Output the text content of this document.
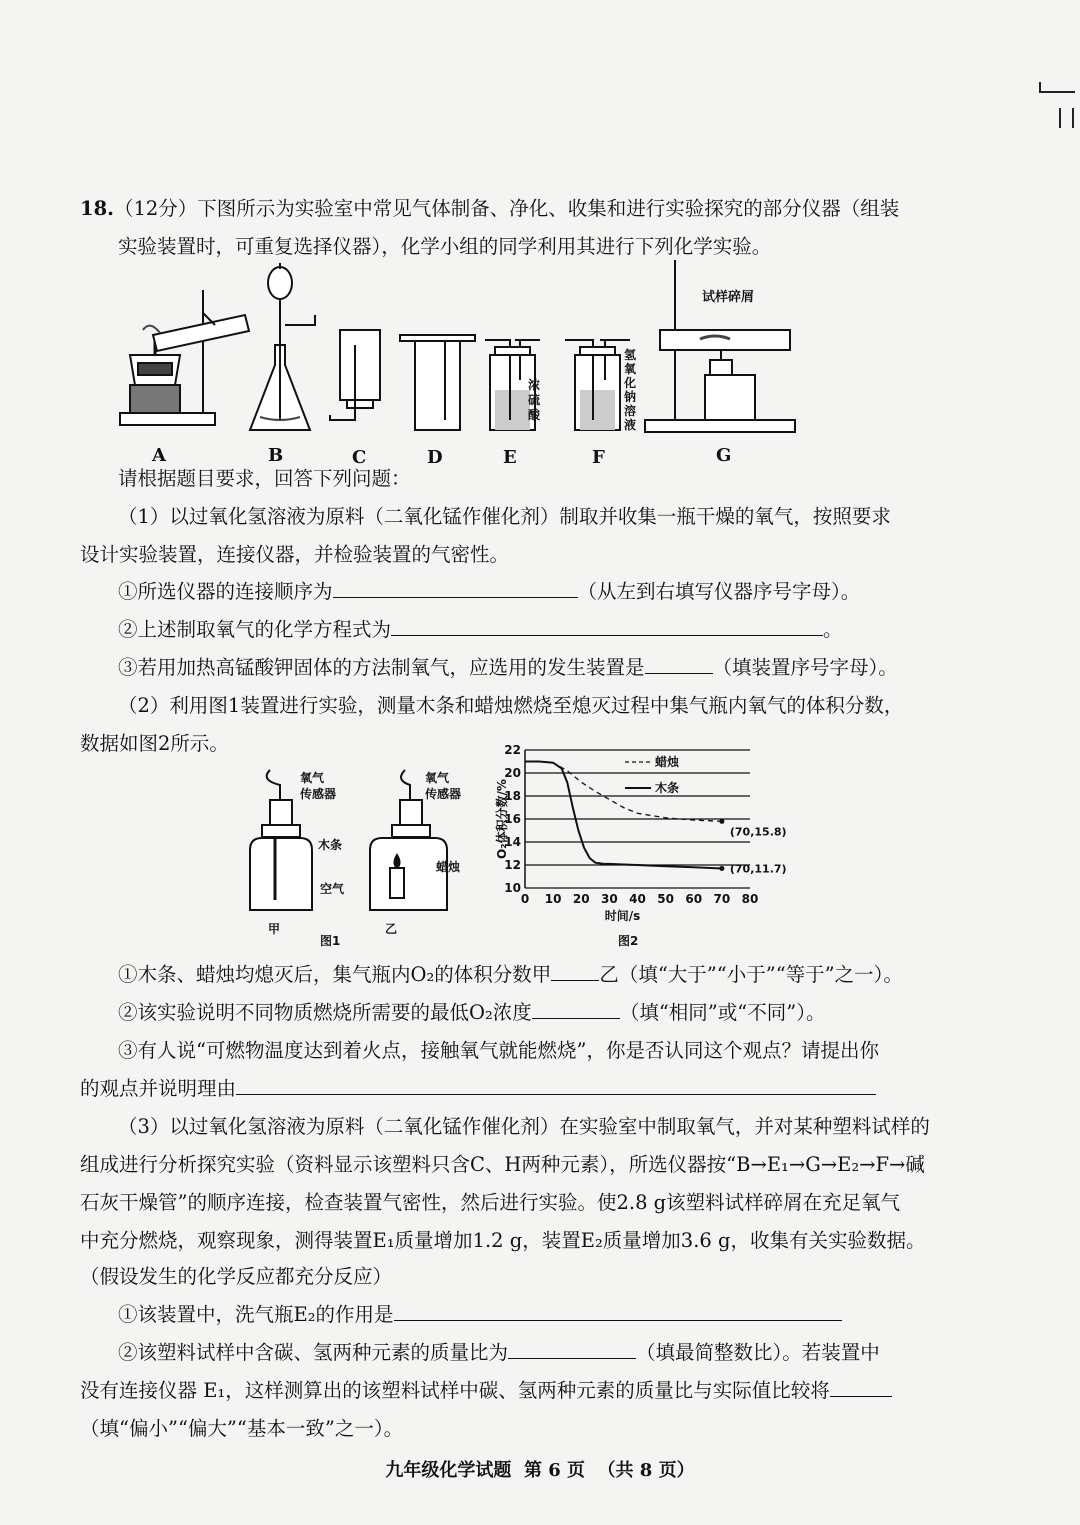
18.（12分）下图所示为实验室中常见气体制备、净化、收集和进行实验探究的部分仪器（组装
实验装置时，可重复选择仪器），化学小组的同学利用其进行下列化学实验。
A	B	C	D	E	F	G
浓硫酸
氢氧化钠溶液
试样碎屑
请根据题目要求，回答下列问题：
（1）以过氧化氢溶液为原料（二氧化锰作催化剂）制取并收集一瓶干燥的氧气，按照要求
设计实验装置，连接仪器，并检验装置的气密性。
①所选仪器的连接顺序为	（从左到右填写仪器序号字母）。
②上述制取氧气的化学方程式为	。
③若用加热高锰酸钾固体的方法制氧气，应选用的发生装置是	（填装置序号字母）。
（2）利用图1装置进行实验，测量木条和蜡烛燃烧至熄灭过程中集气瓶内氧气的体积分数，
数据如图2所示。
氧气
传感器
氧气
传感器
木条
空气
蜡烛
甲	乙
图1
10
12
14
16
18
20
22
0 10 20 30 40 50 60 70 80
时间/s
O₂体积分数/%
蜡烛
木条
(70,15.8)
(70,11.7)
图2
①木条、蜡烛均熄灭后，集气瓶内O₂的体积分数甲 乙（填“大于”“小于”“等于”之一）。
②该实验说明不同物质燃烧所需要的最低O₂浓度	（填“相同”或“不同”）。
③有人说“可燃物温度达到着火点，接触氧气就能燃烧”，你是否认同这个观点？请提出你
的观点并说明理由
（3）以过氧化氢溶液为原料（二氧化锰作催化剂）在实验室中制取氧气，并对某种塑料试样的
组成进行分析探究实验（资料显示该塑料只含C、H两种元素），所选仪器按“B→E₁→G→E₂→F→碱
石灰干燥管”的顺序连接，检查装置气密性，然后进行实验。使2.8 g该塑料试样碎屑在充足氧气
中充分燃烧，观察现象，测得装置E₁质量增加1.2 g，装置E₂质量增加3.6 g，收集有关实验数据。
（假设发生的化学反应都充分反应）
①该装置中，洗气瓶E₂的作用是
②该塑料试样中含碳、氢两种元素的质量比为	（填最简整数比）。若装置中
没有连接仪器 E₁，这样测算出的该塑料试样中碳、氢两种元素的质量比与实际值比较将
（填“偏小”“偏大”“基本一致”之一）。
九年级化学试题  第 6 页  （共 8 页）
